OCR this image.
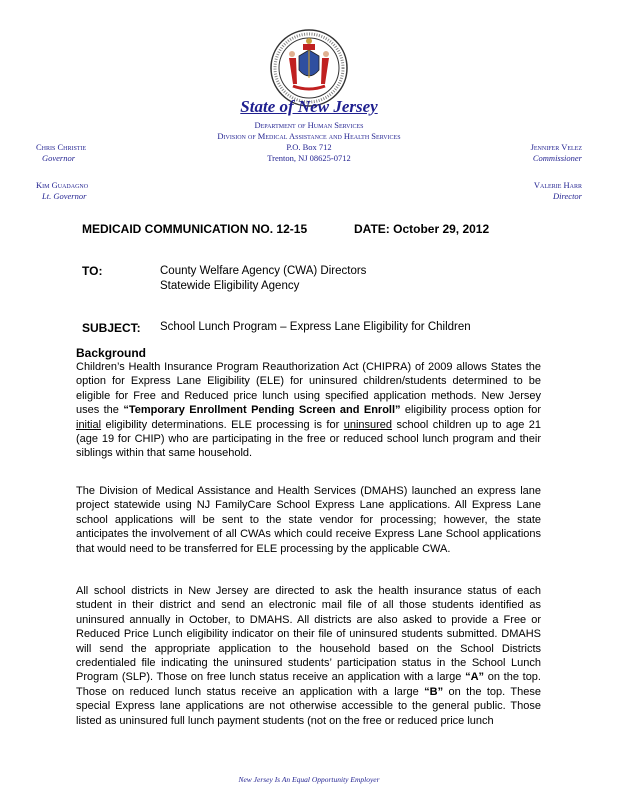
State of New Jersey
Department of Human Services
Division of Medical Assistance and Health Services
P.O. Box 712
Trenton, NJ 08625-0712
Chris Christie
Governor
Kim Guadagno
Lt. Governor
Jennifer Velez
Commissioner
Valerie Harr
Director
MEDICAID COMMUNICATION NO. 12-15	DATE: October 29, 2012
TO:	County Welfare Agency (CWA) Directors
Statewide Eligibility Agency
SUBJECT: School Lunch Program – Express Lane Eligibility for Children
Background
Children’s Health Insurance Program Reauthorization Act (CHIPRA) of 2009 allows States the option for Express Lane Eligibility (ELE) for uninsured children/students determined to be eligible for Free and Reduced price lunch using specified application methods. New Jersey uses the “Temporary Enrollment Pending Screen and Enroll” eligibility process option for initial eligibility determinations. ELE processing is for uninsured school children up to age 21 (age 19 for CHIP) who are participating in the free or reduced school lunch program and their siblings within that same household.
The Division of Medical Assistance and Health Services (DMAHS) launched an express lane project statewide using NJ FamilyCare School Express Lane applications. All Express Lane school applications will be sent to the state vendor for processing; however, the state anticipates the involvement of all CWAs which could receive Express Lane School applications that would need to be transferred for ELE processing by the applicable CWA.
All school districts in New Jersey are directed to ask the health insurance status of each student in their district and send an electronic mail file of all those students identified as uninsured annually in October, to DMAHS. All districts are also asked to provide a Free or Reduced Price Lunch eligibility indicator on their file of uninsured students submitted. DMAHS will send the appropriate application to the household based on the School Districts credentialed file indicating the uninsured students’ participation status in the School Lunch Program (SLP). Those on free lunch status receive an application with a large “A” on the top. Those on reduced lunch status receive an application with a large “B” on the top. These special Express lane applications are not otherwise accessible to the general public. Those listed as uninsured full lunch payment students (not on the free or reduced price lunch
New Jersey Is An Equal Opportunity Employer
